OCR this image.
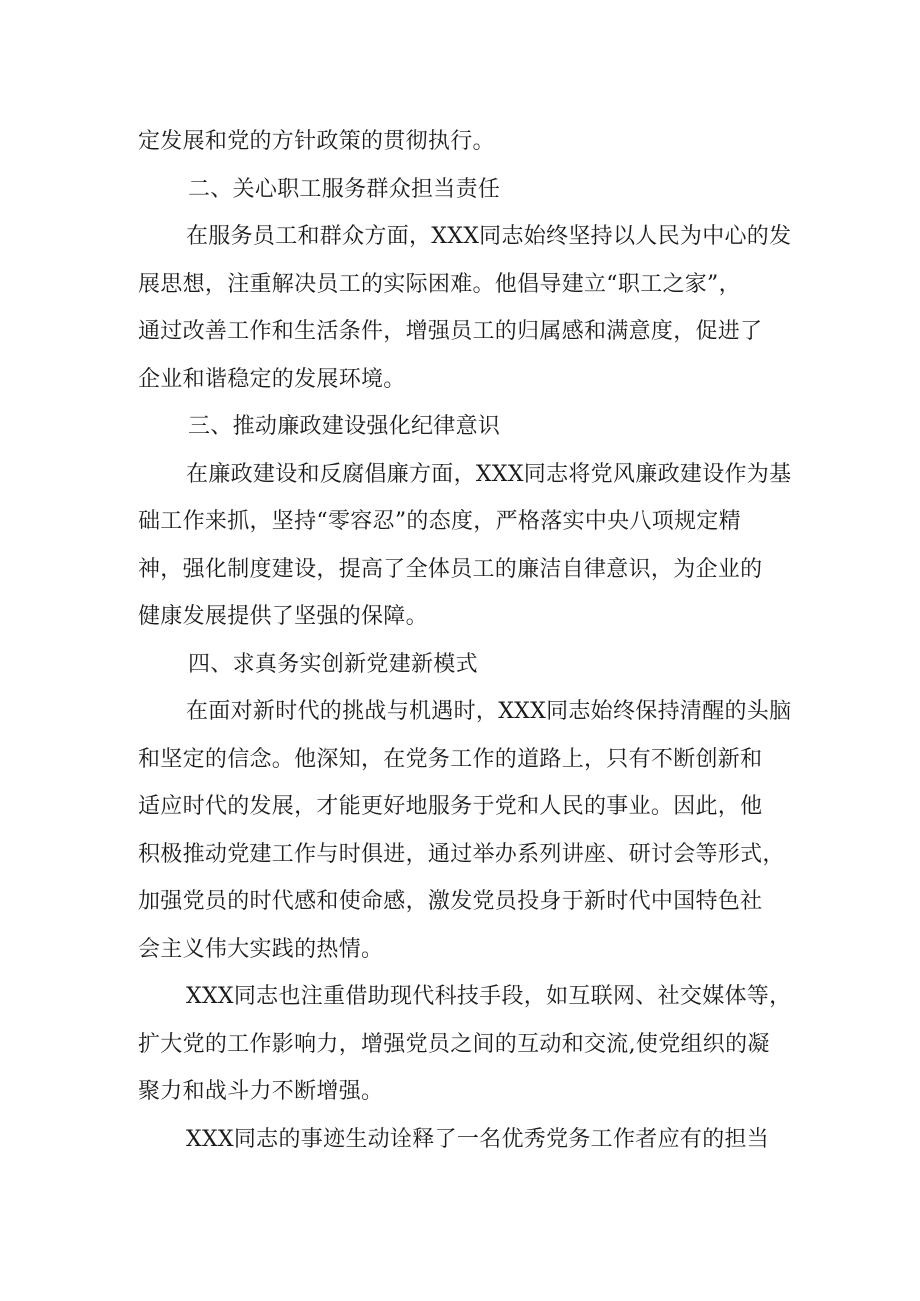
定发展和党的方针政策的贯彻执行。
二、关心职工服务群众担当责任
在服务员工和群众方面，XXX同志始终坚持以人民为中心的发
展思想，注重解决员工的实际困难。他倡导建立“职工之家”，
通过改善工作和生活条件，增强员工的归属感和满意度，促进了
企业和谐稳定的发展环境。
三、推动廉政建设强化纪律意识
在廉政建设和反腐倡廉方面，XXX同志将党风廉政建设作为基
础工作来抓，坚持“零容忍”的态度，严格落实中央八项规定精
神，强化制度建设，提高了全体员工的廉洁自律意识，为企业的
健康发展提供了坚强的保障。
四、求真务实创新党建新模式
在面对新时代的挑战与机遇时，XXX同志始终保持清醒的头脑
和坚定的信念。他深知，在党务工作的道路上，只有不断创新和
适应时代的发展，才能更好地服务于党和人民的事业。因此，他
积极推动党建工作与时俱进，通过举办系列讲座、研讨会等形式，
加强党员的时代感和使命感，激发党员投身于新时代中国特色社
会主义伟大实践的热情。
XXX同志也注重借助现代科技手段，如互联网、社交媒体等，
扩大党的工作影响力，增强党员之间的互动和交流,使党组织的凝
聚力和战斗力不断增强。
XXX同志的事迹生动诠释了一名优秀党务工作者应有的担当
